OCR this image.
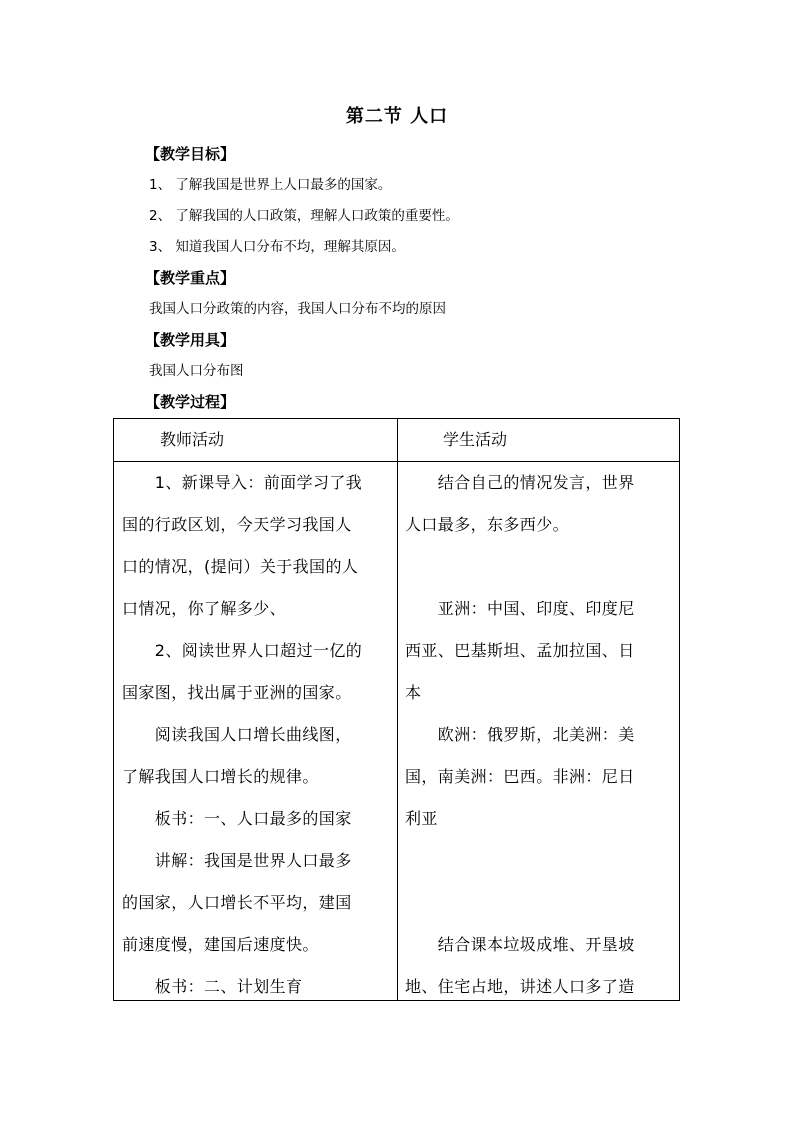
第二节 人口
【教学目标】
1、 了解我国是世界上人口最多的国家。
2、 了解我国的人口政策，理解人口政策的重要性。
3、 知道我国人口分布不均，理解其原因。
【教学重点】
我国人口分政策的内容，我国人口分布不均的原因
【教学用具】
我国人口分布图
【教学过程】
教师活动	学生活动

　　1、新课导入：前面学习了我

国的行政区划，今天学习我国人

口的情况，(提问）关于我国的人

口情况，你了解多少、

　　2、阅读世界人口超过一亿的

国家图，找出属于亚洲的国家。

　　阅读我国人口增长曲线图，

了解我国人口增长的规律。

　　板书：一、人口最多的国家

　　讲解：我国是世界人口最多

的国家，人口增长不平均，建国

前速度慢，建国后速度快。

　　板书：二、计划生育

　　结合自己的情况发言，世界

人口最多，东多西少。

　　亚洲：中国、印度、印度尼

西亚、巴基斯坦、孟加拉国、日

本

　　欧洲：俄罗斯，北美洲：美

国，南美洲：巴西。非洲：尼日

利亚

　　结合课本垃圾成堆、开垦坡

地、住宅占地，讲述人口多了造
